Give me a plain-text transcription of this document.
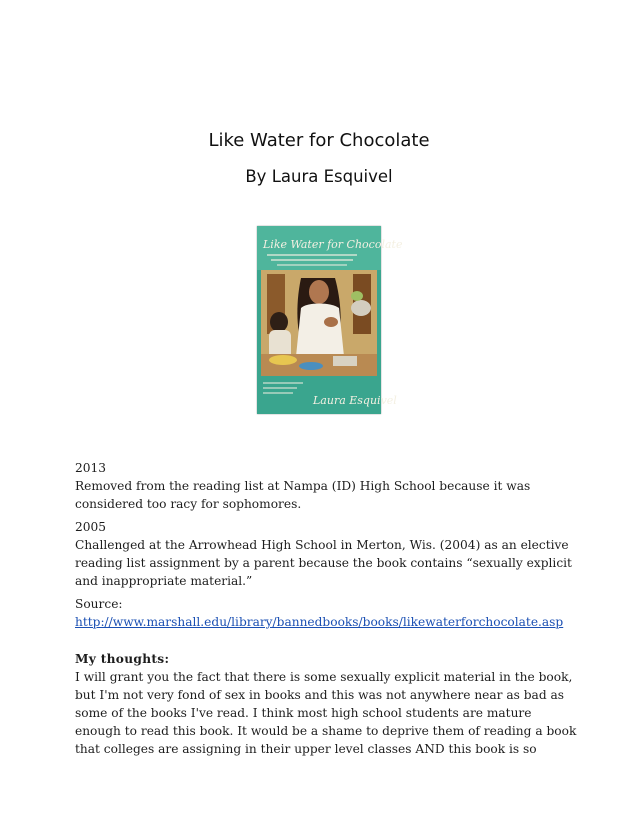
Like Water for Chocolate
By Laura Esquivel
Like Water for Chocolate
Laura Esquivel

2013

Removed from the reading list at Nampa (ID) High School because it was

considered too racy for sophomores.

2005

Challenged at the Arrowhead High School in Merton, Wis. (2004) as an elective

reading list assignment by a parent because the book contains “sexually explicit

and inappropriate material.”

Source:

http://www.marshall.edu/library/bannedbooks/books/likewaterforchocolate.asp

My thoughts:

I will grant you the fact that there is some sexually explicit material in the book,

but I'm not very fond of sex in books and this was not anywhere near as bad as

some of the books I've read. I think most high school students are mature

enough to read this book. It would be a shame to deprive them of reading a book

that colleges are assigning in their upper level classes AND this book is so
